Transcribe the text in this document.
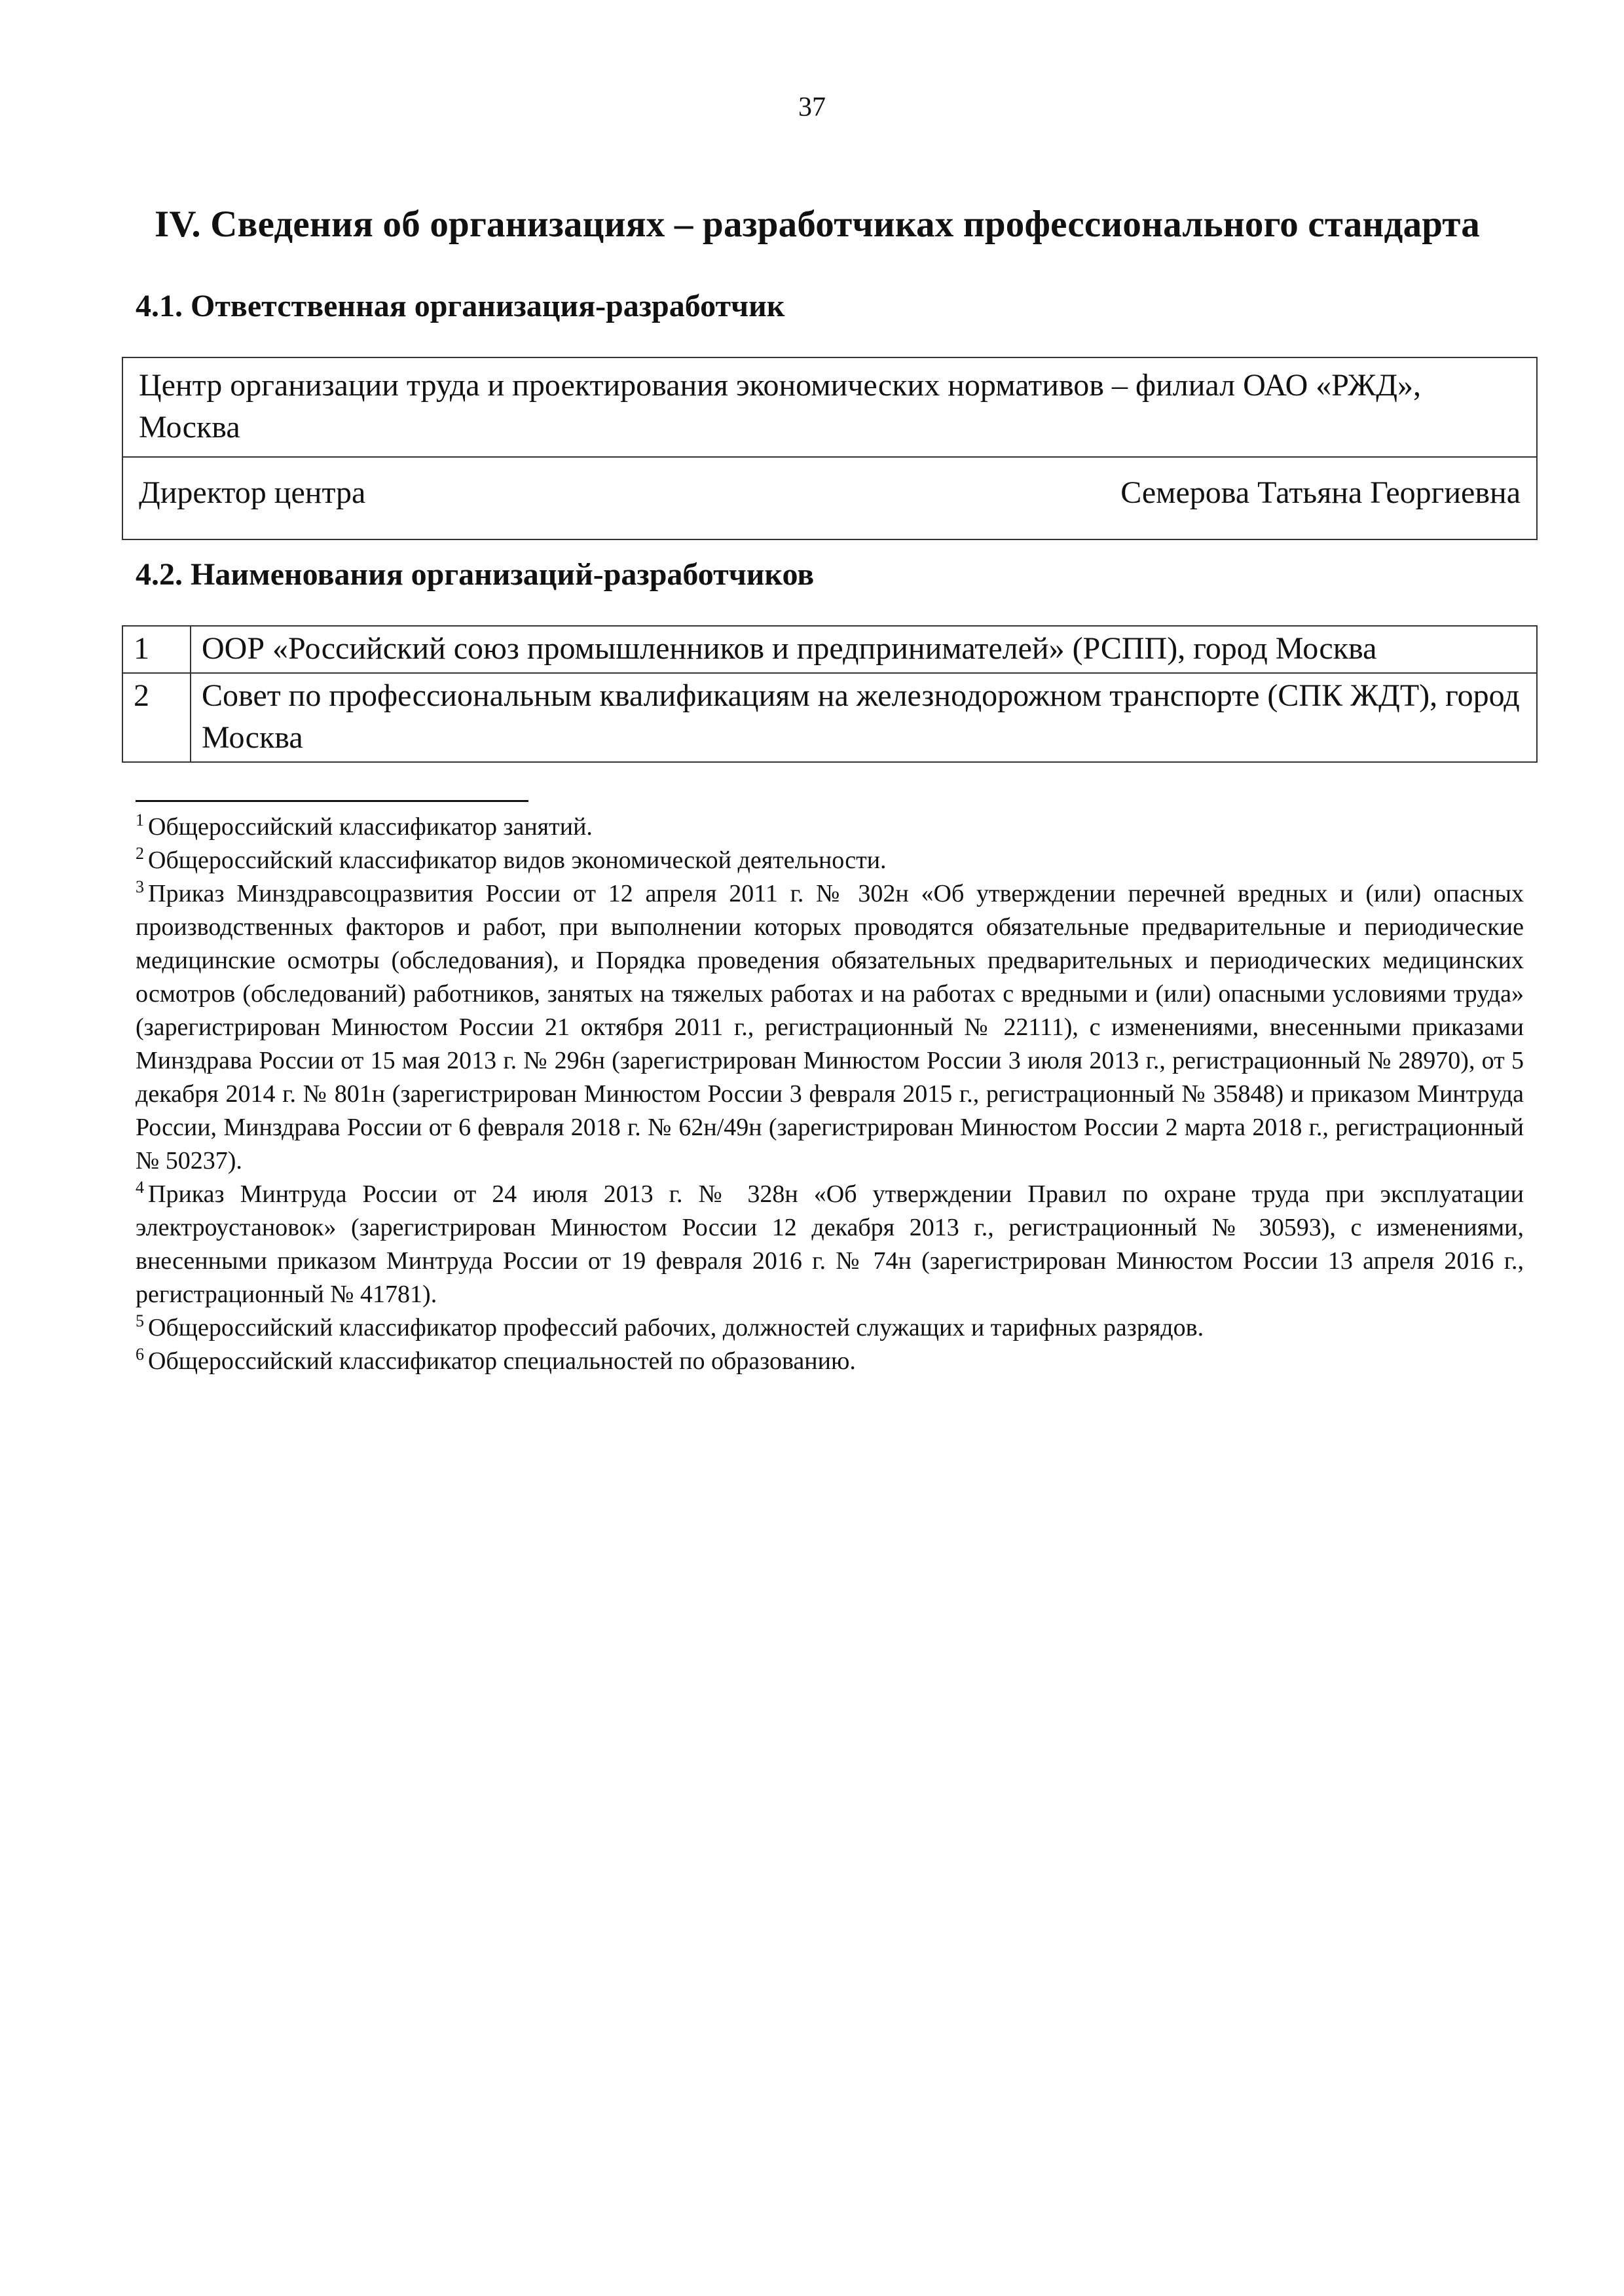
37
IV. Сведения об организациях – разработчиках профессионального стандарта
4.1. Ответственная организация-разработчик
Центр организации труда и проектирования экономических нормативов – филиал ОАО «РЖД», Москва

Директор центра	Семерова Татьяна Георгиевна
4.2. Наименования организаций-разработчиков
1	ООР «Российский союз промышленников и предпринимателей» (РСПП), город Москва
2	Совет по профессиональным квалификациям на железнодорожном транспорте (СПК ЖДТ), город Москва

$^1$ Общероссийский классификатор занятий.

$^2$ Общероссийский классификатор видов экономической деятельности.

$^3$ Приказ Минздравсоцразвития России от 12 апреля 2011 г. № 302н «Об утверждении перечней вредных и (или) опасных производственных факторов и работ, при выполнении которых проводятся обязательные предварительные и периодические медицинские осмотры (обследования), и Порядка проведения обязательных предварительных и периодических медицинских осмотров (обследований) работников, занятых на тяжелых работах и на работах с вредными и (или) опасными условиями труда» (зарегистрирован Минюстом России 21 октября 2011 г., регистрационный № 22111), с изменениями, внесенными приказами Минздрава России от 15 мая 2013 г. № 296н (зарегистрирован Минюстом России 3 июля 2013 г., регистрационный № 28970), от 5 декабря 2014 г. № 801н (зарегистрирован Минюстом России 3 февраля 2015 г., регистрационный № 35848) и приказом Минтруда России, Минздрава России от 6 февраля 2018 г. № 62н/49н (зарегистрирован Минюстом России 2 марта 2018 г., регистрационный № 50237).

$^4$ Приказ Минтруда России от 24 июля 2013 г. № 328н «Об утверждении Правил по охране труда при эксплуатации электроустановок» (зарегистрирован Минюстом России 12 декабря 2013 г., регистрационный № 30593), с изменениями, внесенными приказом Минтруда России от 19 февраля 2016 г. № 74н (зарегистрирован Минюстом России 13 апреля 2016 г., регистрационный № 41781).

$^5$ Общероссийский классификатор профессий рабочих, должностей служащих и тарифных разрядов.

$^6$ Общероссийский классификатор специальностей по образованию.
